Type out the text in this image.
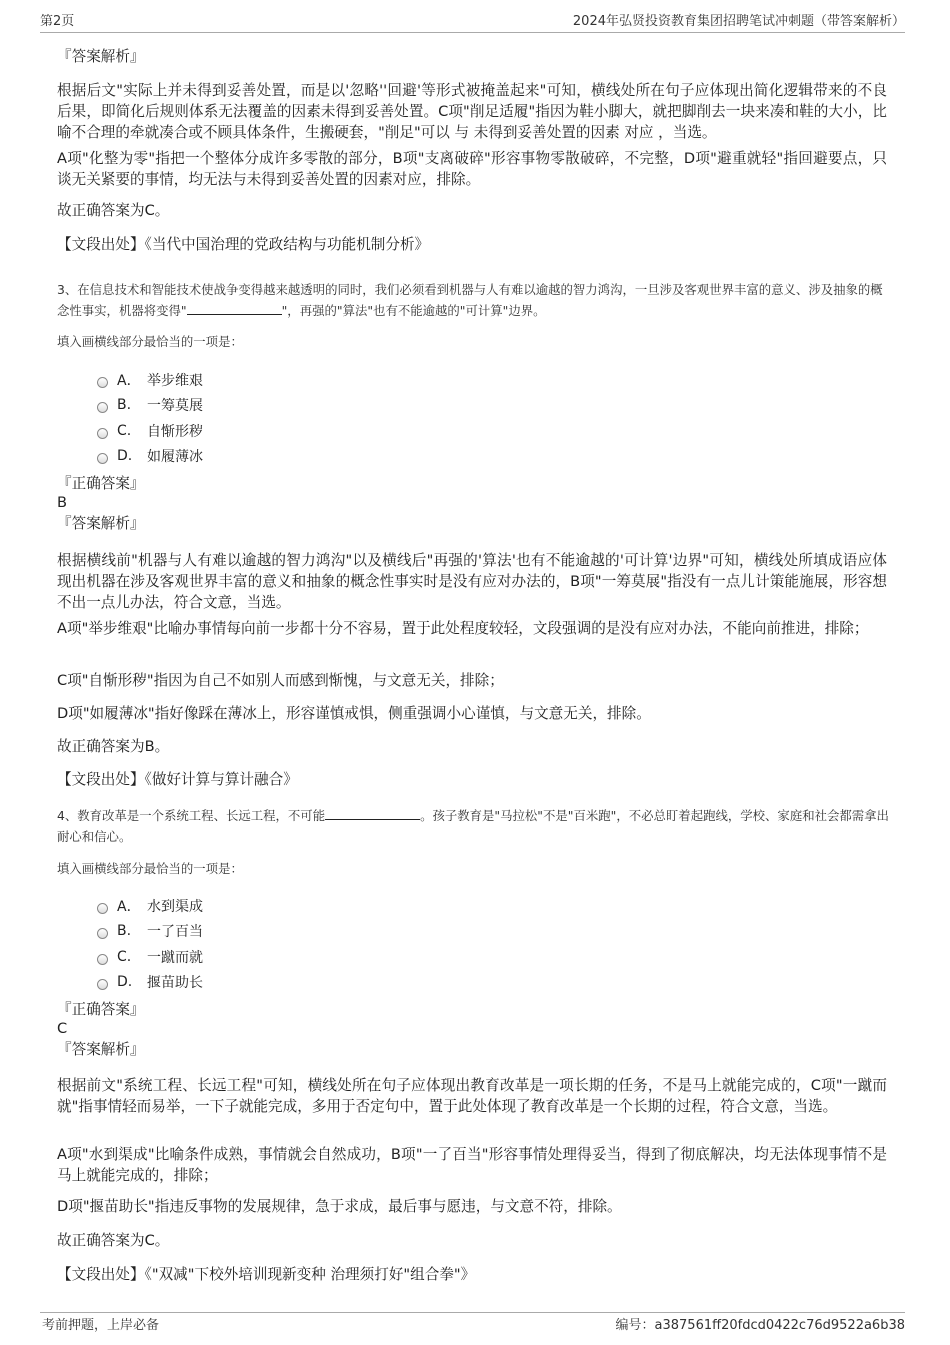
第2页	2024年弘贤投资教育集团招聘笔试冲刺题（带答案解析）
『答案解析』
根据后文"实际上并未得到妥善处置，而是以'忽略''回避'等形式被掩盖起来"可知，横线处所在句子应体现出简化逻辑带来的不良后果，即简化后规则体系无法覆盖的因素未得到妥善处置。C项"削足适履"指因为鞋小脚大，就把脚削去一块来凑和鞋的大小，比喻不合理的牵就凑合或不顾具体条件，生搬硬套，"削足"可以 与 未得到妥善处置的因素 对应 ，当选。
A项"化整为零"指把一个整体分成许多零散的部分，B项"支离破碎"形容事物零散破碎，不完整，D项"避重就轻"指回避要点，只谈无关紧要的事情，均无法与未得到妥善处置的因素对应，排除。
故正确答案为C。
【文段出处】《当代中国治理的党政结构与功能机制分析》
3、在信息技术和智能技术使战争变得越来越透明的同时，我们必须看到机器与人有难以逾越的智力鸿沟，一旦涉及客观世界丰富的意义、涉及抽象的概念性事实，机器将变得"	"，再强的"算法"也有不能逾越的"可计算"边界。
填入画横线部分最恰当的一项是：
A． 举步维艰
B.	一筹莫展
C.	自惭形秽
D.	如履薄冰
『正确答案』
B
『答案解析』
根据横线前"机器与人有难以逾越的智力鸿沟"以及横线后"再强的'算法'也有不能逾越的'可计算'边界"可知，横线处所填成语应体现出机器在涉及客观世界丰富的意义和抽象的概念性事实时是没有应对办法的，B项"一筹莫展"指没有一点儿计策能施展，形容想不出一点儿办法，符合文意，当选。
A项"举步维艰"比喻办事情每向前一步都十分不容易，置于此处程度较轻，文段强调的是没有应对办法，不能向前推进，排除；
C项"自惭形秽"指因为自己不如别人而感到惭愧，与文意无关，排除；
D项"如履薄冰"指好像踩在薄冰上，形容谨慎戒惧，侧重强调小心谨慎，与文意无关，排除。
故正确答案为B。
【文段出处】《做好计算与算计融合》
4、教育改革是一个系统工程、长远工程，不可能	。孩子教育是"马拉松"不是"百米跑"，不必总盯着起跑线，学校、家庭和社会都需拿出耐心和信心。
填入画横线部分最恰当的一项是：
A． 水到渠成
B.	一了百当
C.	一蹴而就
D.	揠苗助长
『正确答案』
C
『答案解析』
根据前文"系统工程、长远工程"可知，横线处所在句子应体现出教育改革是一项长期的任务，不是马上就能完成的，C项"一蹴而就"指事情轻而易举，一下子就能完成，多用于否定句中，置于此处体现了教育改革是一个长期的过程，符合文意，当选。
A项"水到渠成"比喻条件成熟，事情就会自然成功，B项"一了百当"形容事情处理得妥当，得到了彻底解决，均无法体现事情不是马上就能完成的，排除；
D项"揠苗助长"指违反事物的发展规律，急于求成，最后事与愿违，与文意不符，排除。
故正确答案为C。
【文段出处】《"双减"下校外培训现新变种 治理须打好"组合拳"》
考前押题，上岸必备	编号：a387561ff20fdcd0422c76d9522a6b38
